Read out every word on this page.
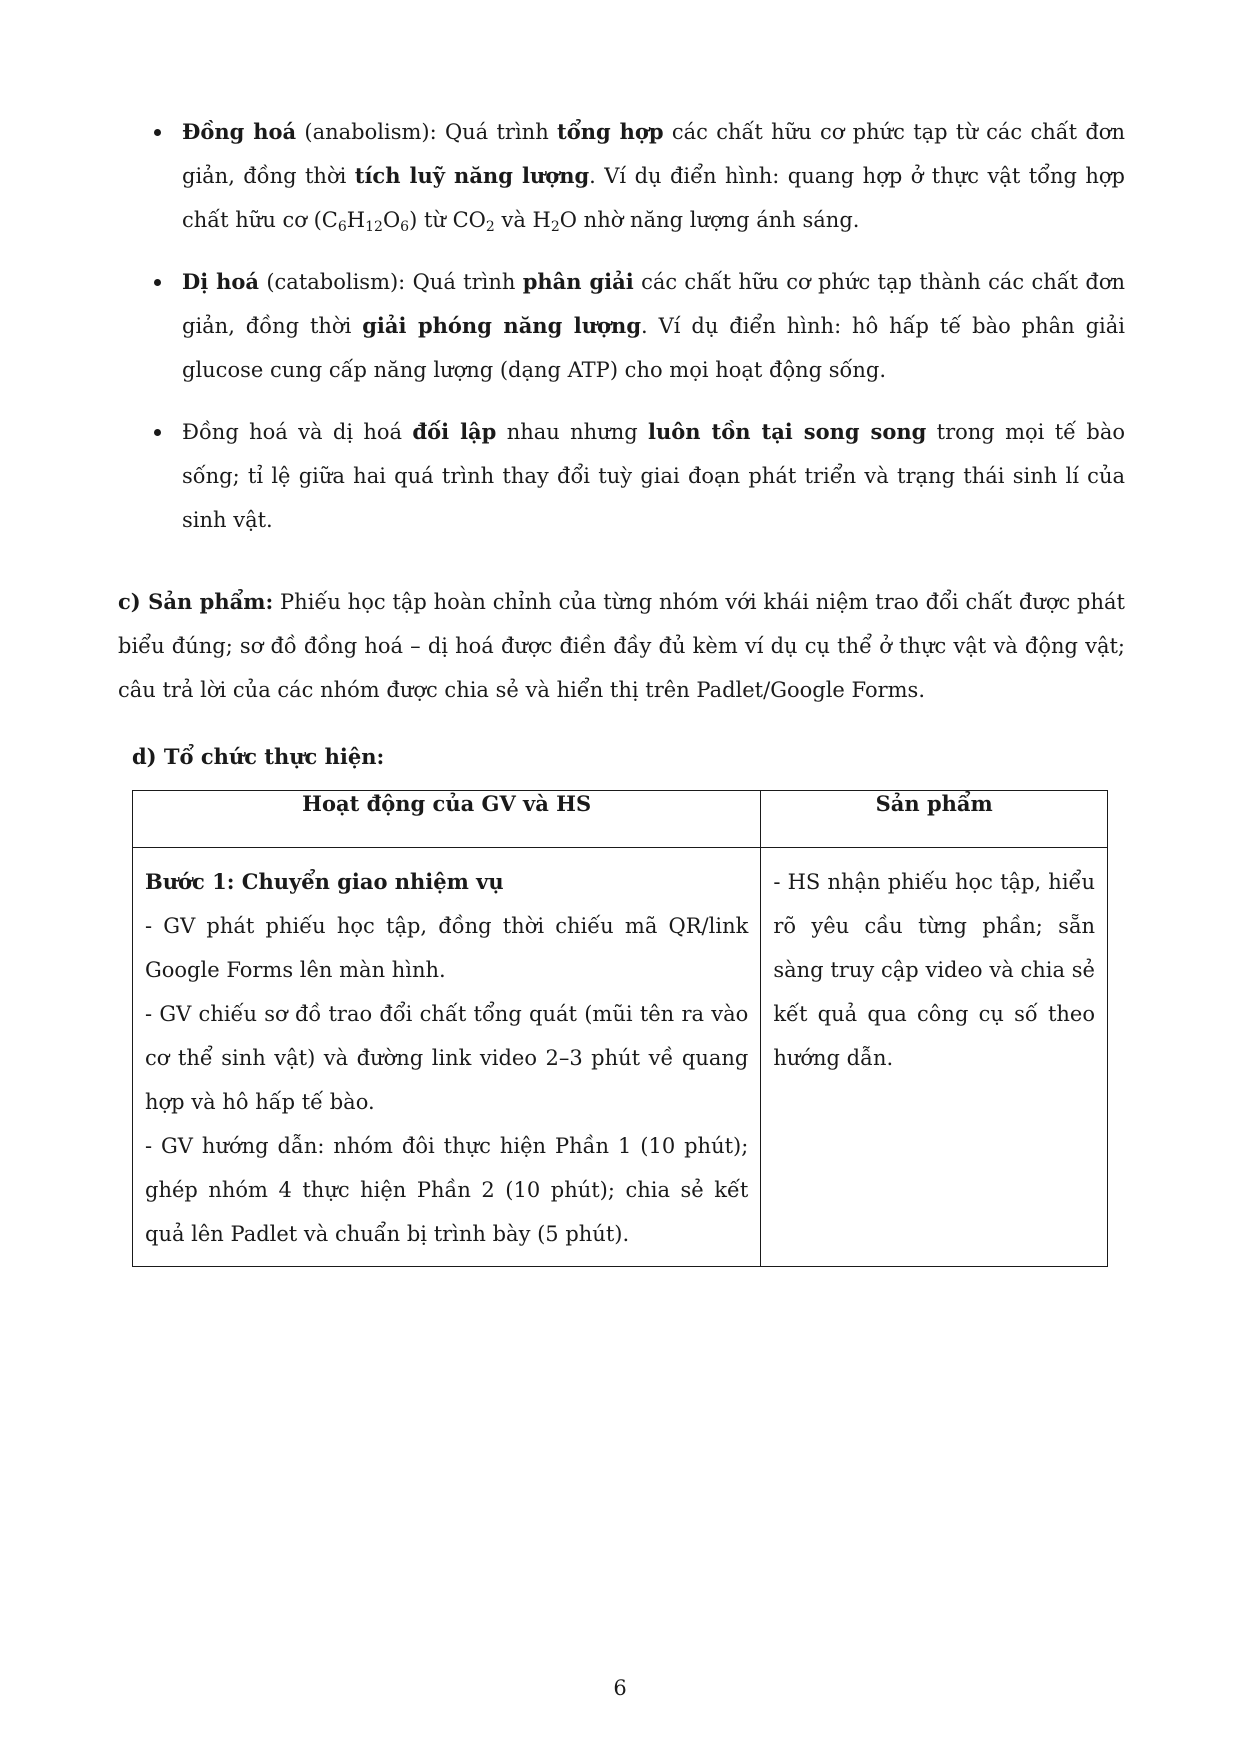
Đồng hoá (anabolism): Quá trình tổng hợp các chất hữu cơ phức tạp từ các chất đơn giản, đồng thời tích luỹ năng lượng. Ví dụ điển hình: quang hợp ở thực vật tổng hợp chất hữu cơ $(C_6H_{12}O_6)$ từ $CO_2$ và $H_2O$ nhờ năng lượng ánh sáng.
Dị hoá (catabolism): Quá trình phân giải các chất hữu cơ phức tạp thành các chất đơn giản, đồng thời giải phóng năng lượng. Ví dụ điển hình: hô hấp tế bào phân giải glucose cung cấp năng lượng (dạng ATP) cho mọi hoạt động sống.
Đồng hoá và dị hoá đối lập nhau nhưng luôn tồn tại song song trong mọi tế bào sống; tỉ lệ giữa hai quá trình thay đổi tuỳ giai đoạn phát triển và trạng thái sinh lí của sinh vật.

c) Sản phẩm: Phiếu học tập hoàn chỉnh của từng nhóm với khái niệm trao đổi chất được phát biểu đúng; sơ đồ đồng hoá – dị hoá được điền đầy đủ kèm ví dụ cụ thể ở thực vật và động vật; câu trả lời của các nhóm được chia sẻ và hiển thị trên Padlet/Google Forms.

d) Tổ chức thực hiện:

Hoạt động của GV và HS	Sản phẩm

Bước 1: Chuyển giao nhiệm vụ
- GV phát phiếu học tập, đồng thời chiếu mã QR/link Google Forms lên màn hình.
- GV chiếu sơ đồ trao đổi chất tổng quát (mũi tên ra vào cơ thể sinh vật) và đường link video 2–3 phút về quang hợp và hô hấp tế bào.
- GV hướng dẫn: nhóm đôi thực hiện Phần 1 (10 phút); ghép nhóm 4 thực hiện Phần 2 (10 phút); chia sẻ kết quả lên Padlet và chuẩn bị trình bày (5 phút).	- HS nhận phiếu học tập, hiểu rõ yêu cầu từng phần; sẵn sàng truy cập video và chia sẻ kết quả qua công cụ số theo hướng dẫn.

6
